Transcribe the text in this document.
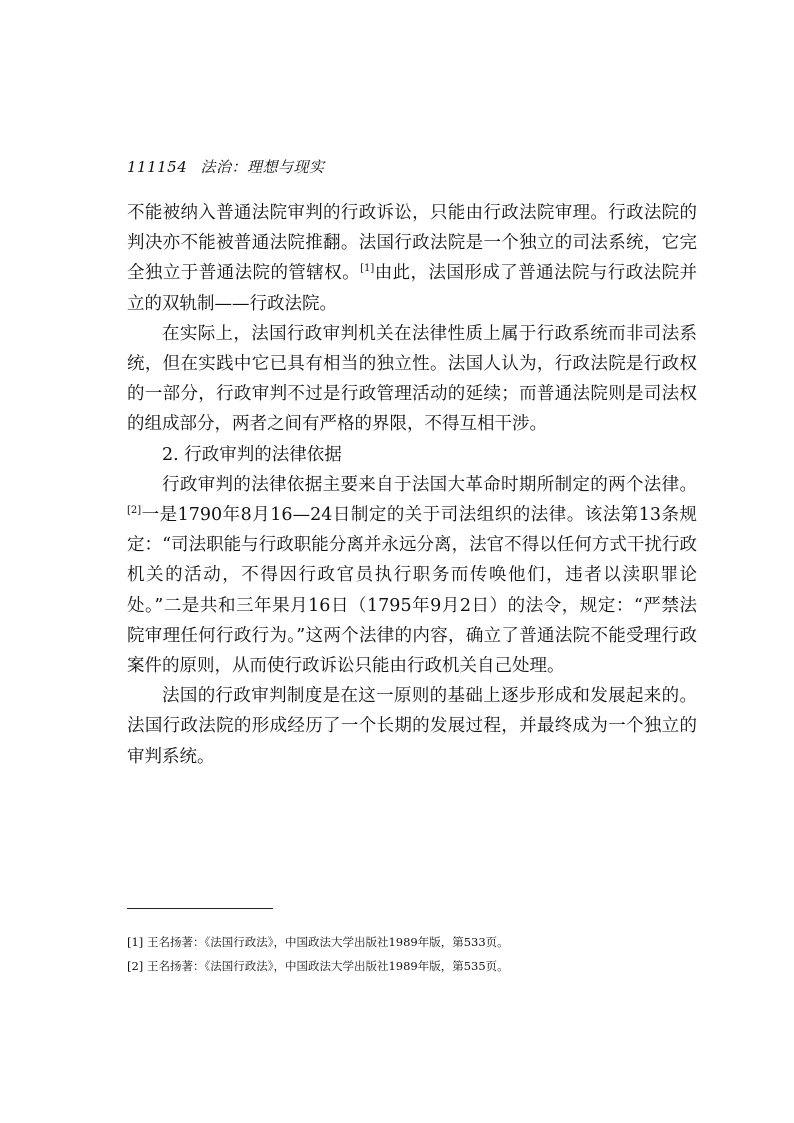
111154 法治：理想与现实

不能被纳入普通法院审判的行政诉讼，只能由行政法院审理。行政法院的判决亦不能被普通法院推翻。法国行政法院是一个独立的司法系统，它完全独立于普通法院的管辖权。[1]由此，法国形成了普通法院与行政法院并立的双轨制——行政法院。

在实际上，法国行政审判机关在法律性质上属于行政系统而非司法系统，但在实践中它已具有相当的独立性。法国人认为，行政法院是行政权的一部分，行政审判不过是行政管理活动的延续；而普通法院则是司法权的组成部分，两者之间有严格的界限，不得互相干涉。

2. 行政审判的法律依据

行政审判的法律依据主要来自于法国大革命时期所制定的两个法律。[2]一是1790年8月16—24日制定的关于司法组织的法律。该法第13条规定：“司法职能与行政职能分离并永远分离，法官不得以任何方式干扰行政机关的活动，不得因行政官员执行职务而传唤他们，违者以渎职罪论处。”二是共和三年果月16日（1795年9月2日）的法令，规定：“严禁法院审理任何行政行为。”这两个法律的内容，确立了普通法院不能受理行政案件的原则，从而使行政诉讼只能由行政机关自己处理。

法国的行政审判制度是在这一原则的基础上逐步形成和发展起来的。法国行政法院的形成经历了一个长期的发展过程，并最终成为一个独立的审判系统。

[1] 王名扬著：《法国行政法》，中国政法大学出版社1989年版，第533页。

[2] 王名扬著：《法国行政法》，中国政法大学出版社1989年版，第535页。
